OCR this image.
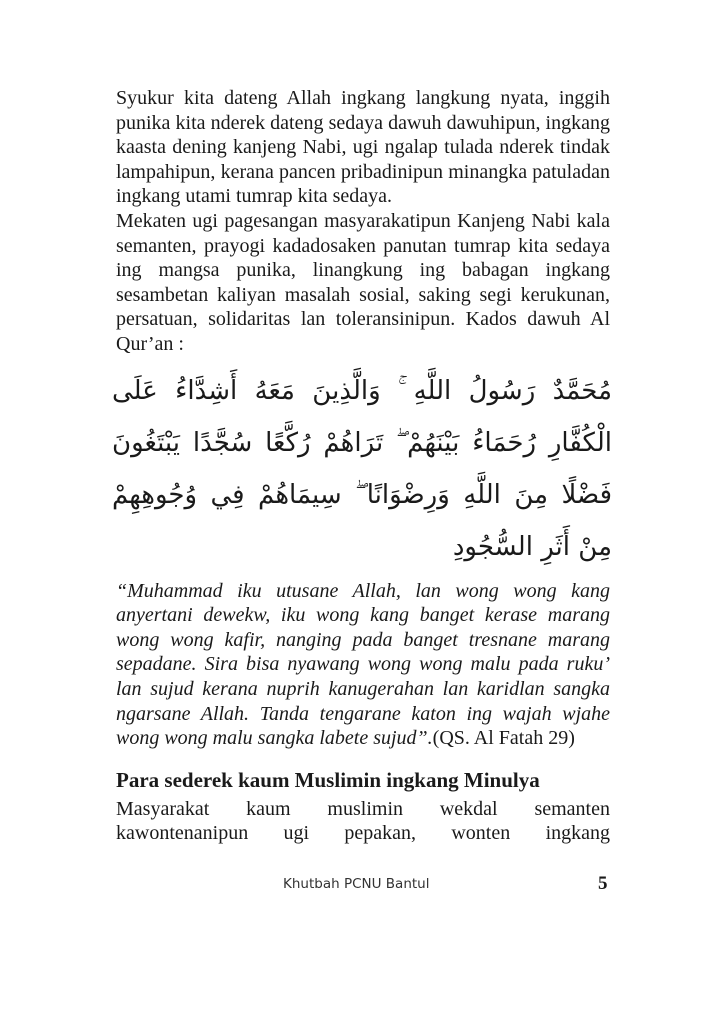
Syukur kita dateng Allah ingkang langkung nyata, inggih punika kita nderek dateng sedaya dawuh dawuhipun, ingkang kaasta dening kanjeng Nabi, ugi ngalap tulada nderek tindak lampahipun, kerana pancen pribadinipun minangka patuladan ingkang utami tumrap kita sedaya.

Mekaten ugi pagesangan masyarakatipun Kanjeng Nabi kala semanten, prayogi kadadosaken panutan tumrap kita sedaya ing mangsa punika, linangkung ing babagan ingkang sesambetan kaliyan masalah sosial, saking segi kerukunan, persatuan, solidaritas lan toleransinipun. Kados dawuh Al Qur’an :

مُحَمَّدٌ رَسُولُ اللَّهِ ۚ وَالَّذِينَ مَعَهُ أَشِدَّاءُ عَلَى الْكُفَّارِ رُحَمَاءُ بَيْنَهُمْ ۖ تَرَاهُمْ رُكَّعًا سُجَّدًا يَبْتَغُونَ فَضْلًا مِنَ اللَّهِ وَرِضْوَانًا ۖ سِيمَاهُمْ فِي وُجُوهِهِمْ مِنْ أَثَرِ السُّجُودِ

“Muhammad iku utusane Allah, lan wong wong kang anyertani dewekw, iku wong kang banget kerase marang wong wong kafir, nanging pada banget tresnane marang sepadane. Sira bisa nyawang wong wong malu pada ruku’ lan sujud kerana nuprih kanugerahan lan karidlan sangka ngarsane Allah. Tanda tengarane katon ing wajah wjahe wong wong malu sangka labete sujud”.(QS. Al Fatah 29)

Para sederek kaum Muslimin ingkang Minulya

Masyarakat kaum muslimin wekdal semanten kawontenanipun ugi pepakan, wonten ingkang

Khutbah PCNU Bantul	5
